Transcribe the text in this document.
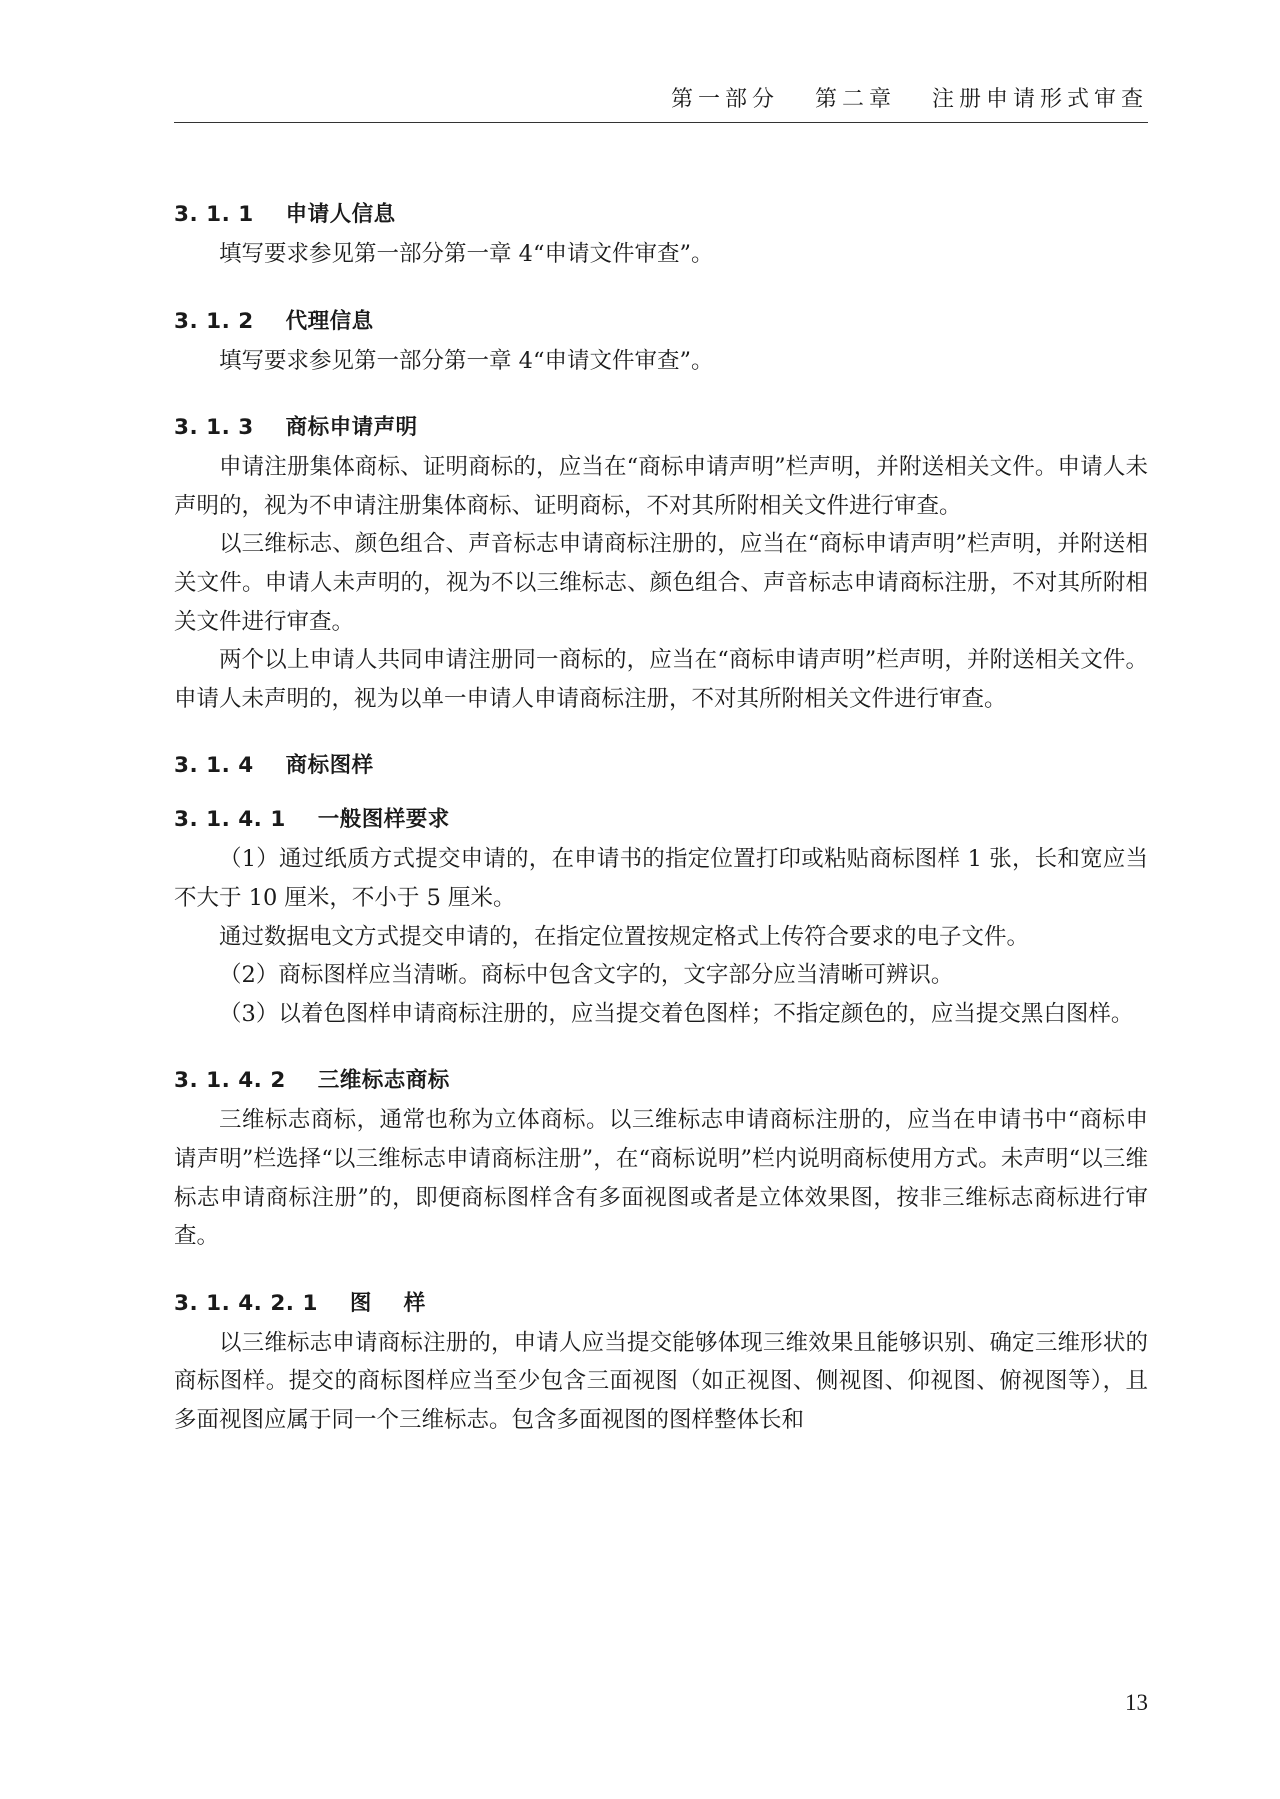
第一部分   第二章   注册申请形式审查
3. 1. 1    申请人信息

填写要求参见第一部分第一章 4“申请文件审查”。

3. 1. 2    代理信息

填写要求参见第一部分第一章 4“申请文件审查”。

3. 1. 3    商标申请声明

申请注册集体商标、证明商标的，应当在“商标申请声明”栏声明，并附送相关文件。申请人未声明的，视为不申请注册集体商标、证明商标，不对其所附相关文件进行审查。

以三维标志、颜色组合、声音标志申请商标注册的，应当在“商标申请声明”栏声明，并附送相关文件。申请人未声明的，视为不以三维标志、颜色组合、声音标志申请商标注册，不对其所附相关文件进行审查。

两个以上申请人共同申请注册同一商标的，应当在“商标申请声明”栏声明，并附送相关文件。申请人未声明的，视为以单一申请人申请商标注册，不对其所附相关文件进行审查。

3. 1. 4    商标图样
3. 1. 4. 1    一般图样要求

（1）通过纸质方式提交申请的，在申请书的指定位置打印或粘贴商标图样 1 张，长和宽应当不大于 10 厘米，不小于 5 厘米。

通过数据电文方式提交申请的，在指定位置按规定格式上传符合要求的电子文件。

（2）商标图样应当清晰。商标中包含文字的，文字部分应当清晰可辨识。

（3）以着色图样申请商标注册的，应当提交着色图样；不指定颜色的，应当提交黑白图样。

3. 1. 4. 2    三维标志商标

三维标志商标，通常也称为立体商标。以三维标志申请商标注册的，应当在申请书中“商标申请声明”栏选择“以三维标志申请商标注册”，在“商标说明”栏内说明商标使用方式。未声明“以三维标志申请商标注册”的，即便商标图样含有多面视图或者是立体效果图，按非三维标志商标进行审查。

3. 1. 4. 2. 1    图    样

以三维标志申请商标注册的，申请人应当提交能够体现三维效果且能够识别、确定三维形状的商标图样。提交的商标图样应当至少包含三面视图（如正视图、侧视图、仰视图、俯视图等），且多面视图应属于同一个三维标志。包含多面视图的图样整体长和

13
